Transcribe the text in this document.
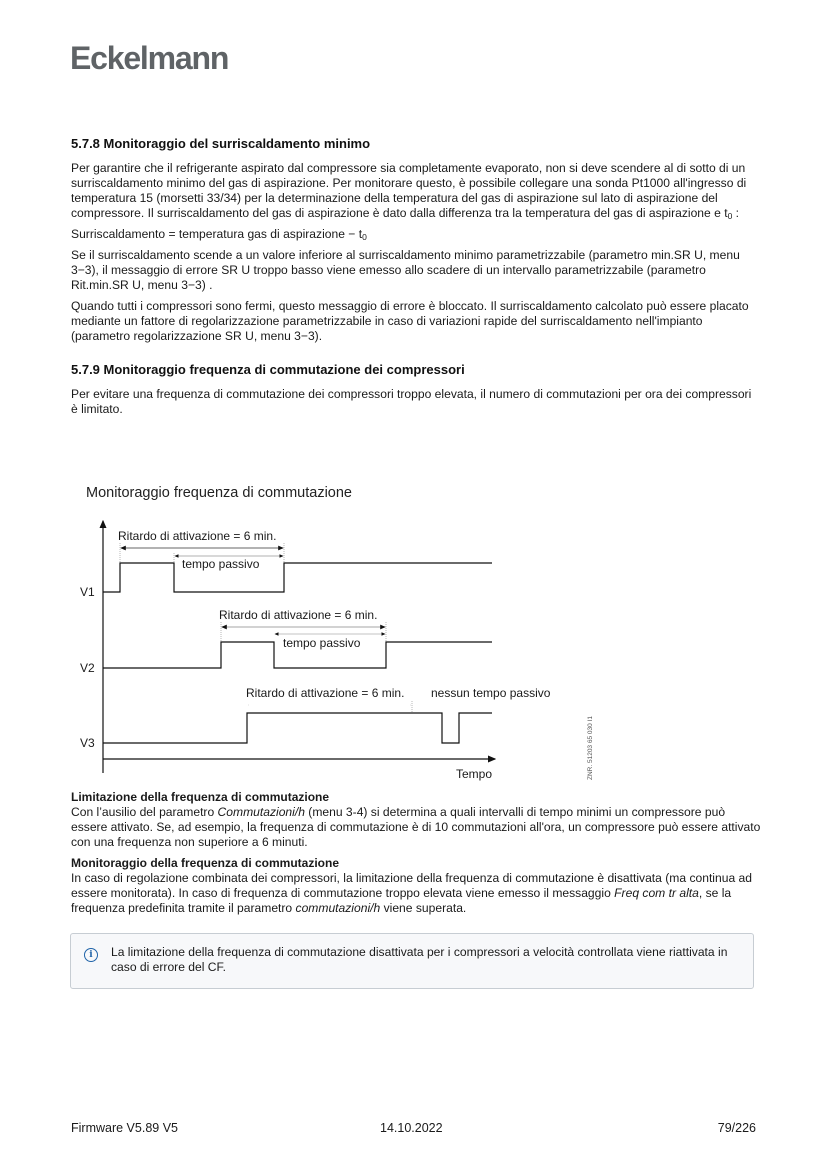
Eckelmann
5.7.8 Monitoraggio del surriscaldamento minimo

Per garantire che il refrigerante aspirato dal compressore sia completamente evaporato, non si deve scendere al di sotto di un surriscaldamento minimo del gas di aspirazione. Per monitorare questo, è possibile collegare una sonda Pt1000 all'ingresso di temperatura 15 (morsetti 33/34) per la determinazione della temperatura del gas di aspirazione sul lato di aspirazione del compressore. Il surriscaldamento del gas di aspirazione è dato dalla differenza tra la temperatura del gas di aspirazione e $t_0$ :

Surriscaldamento = temperatura gas di aspirazione − $t_0$

Se il surriscaldamento scende a un valore inferiore al surriscaldamento minimo parametrizzabile (parametro min.SR U, menu 3−3), il messaggio di errore SR U troppo basso viene emesso allo scadere di un intervallo parametrizzabile (parametro Rit.min.SR U, menu 3−3) .

Quando tutti i compressori sono fermi, questo messaggio di errore è bloccato. Il surriscaldamento calcolato può essere placato mediante un fattore di regolarizzazione parametrizzabile in caso di variazioni rapide del surriscaldamento nell'impianto (parametro regolarizzazione SR U, menu 3−3).

5.7.9 Monitoraggio frequenza di commutazione dei compressori

Per evitare una frequenza di commutazione dei compressori troppo elevata, il numero di commutazioni per ora dei compressori è limitato.

Monitoraggio frequenza di commutazione
Tempo
V1
Ritardo di attivazione = 6 min.
tempo passivo
V2
Ritardo di attivazione = 6 min.
tempo passivo
V3
Ritardo di attivazione = 6 min. nessun tempo passivo
ZNR. 51203 65 030 I1
Limitazione della frequenza di commutazione

Con l’ausilio del parametro Commutazioni/h (menu 3-4) si determina a quali intervalli di tempo minimi un compressore può essere attivato. Se, ad esempio, la frequenza di commutazione è di 10 commutazioni all'ora, un compressore può essere attivato con una frequenza non superiore a 6 minuti.

Monitoraggio della frequenza di commutazione

In caso di regolazione combinata dei compressori, la limitazione della frequenza di commutazione è disattivata (ma continua ad essere monitorata). In caso di frequenza di commutazione troppo elevata viene emesso il messaggio Freq com tr alta, se la frequenza predefinita tramite il parametro commutazioni/h viene superata.

i	La limitazione della frequenza di commutazione disattivata per i compressori a velocità controllata viene riattivata in caso di errore del CF.
Firmware V5.89 V5	14.10.2022	79/226
